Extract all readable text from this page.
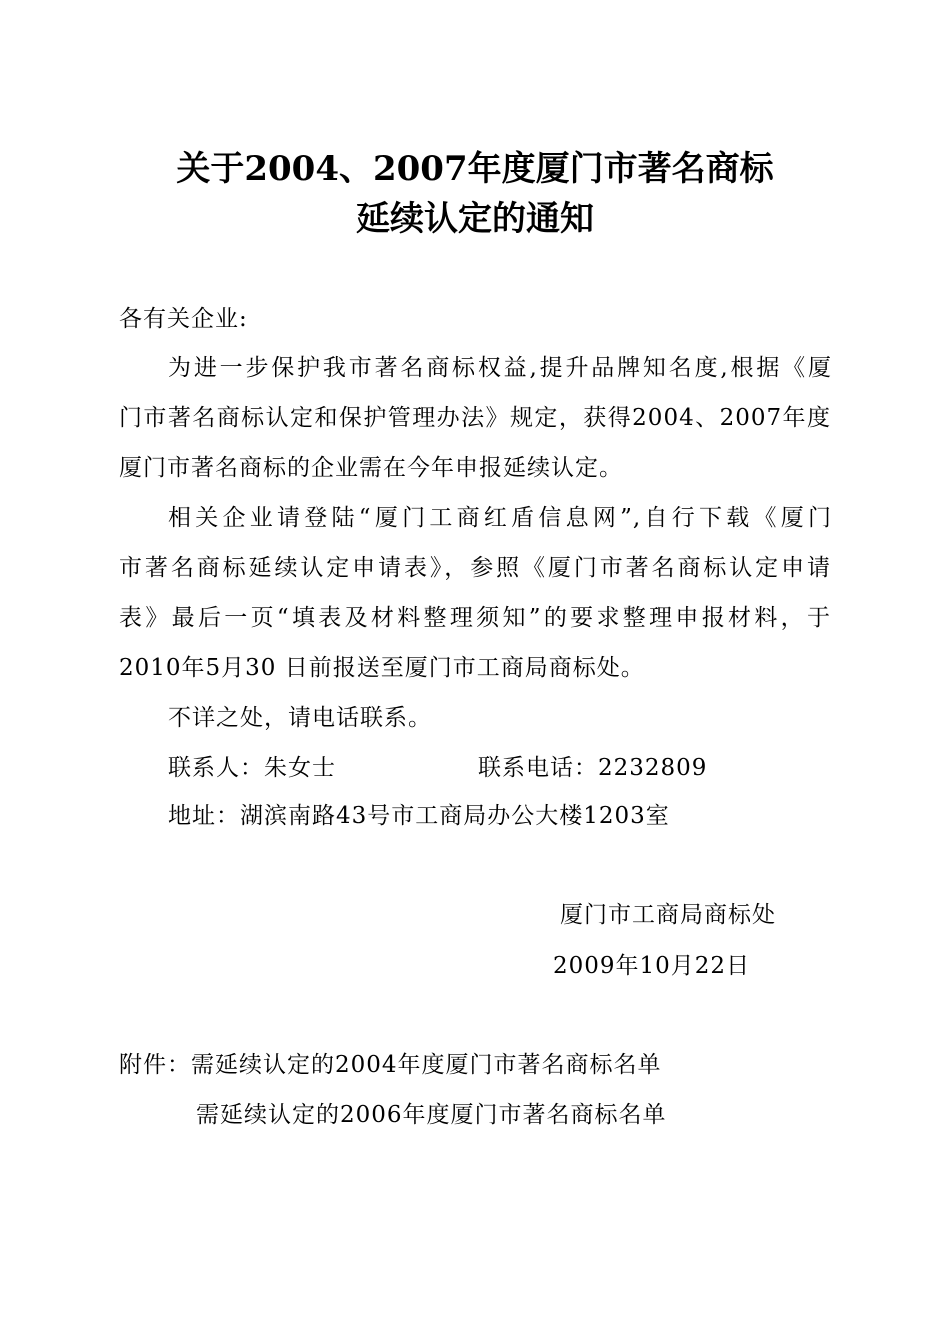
关于2004、2007年度厦门市著名商标
延续认定的通知
各有关企业:
为进一步保护我市著名商标权益,提升品牌知名度,根据《厦
门市著名商标认定和保护管理办法》规定，获得2004、2007年度
厦门市著名商标的企业需在今年申报延续认定。
相关企业请登陆“厦门工商红盾信息网”,自行下载《厦门
市著名商标延续认定申请表》，参照《厦门市著名商标认定申请
表》最后一页“填表及材料整理须知”的要求整理申报材料，于
2010年5月30 日前报送至厦门市工商局商标处。
不详之处，请电话联系。
联系人：朱女士	联系电话：2232809
地址：湖滨南路43号市工商局办公大楼1203室
厦门市工商局商标处
2009年10月22日
附件：需延续认定的2004年度厦门市著名商标名单
需延续认定的2006年度厦门市著名商标名单
